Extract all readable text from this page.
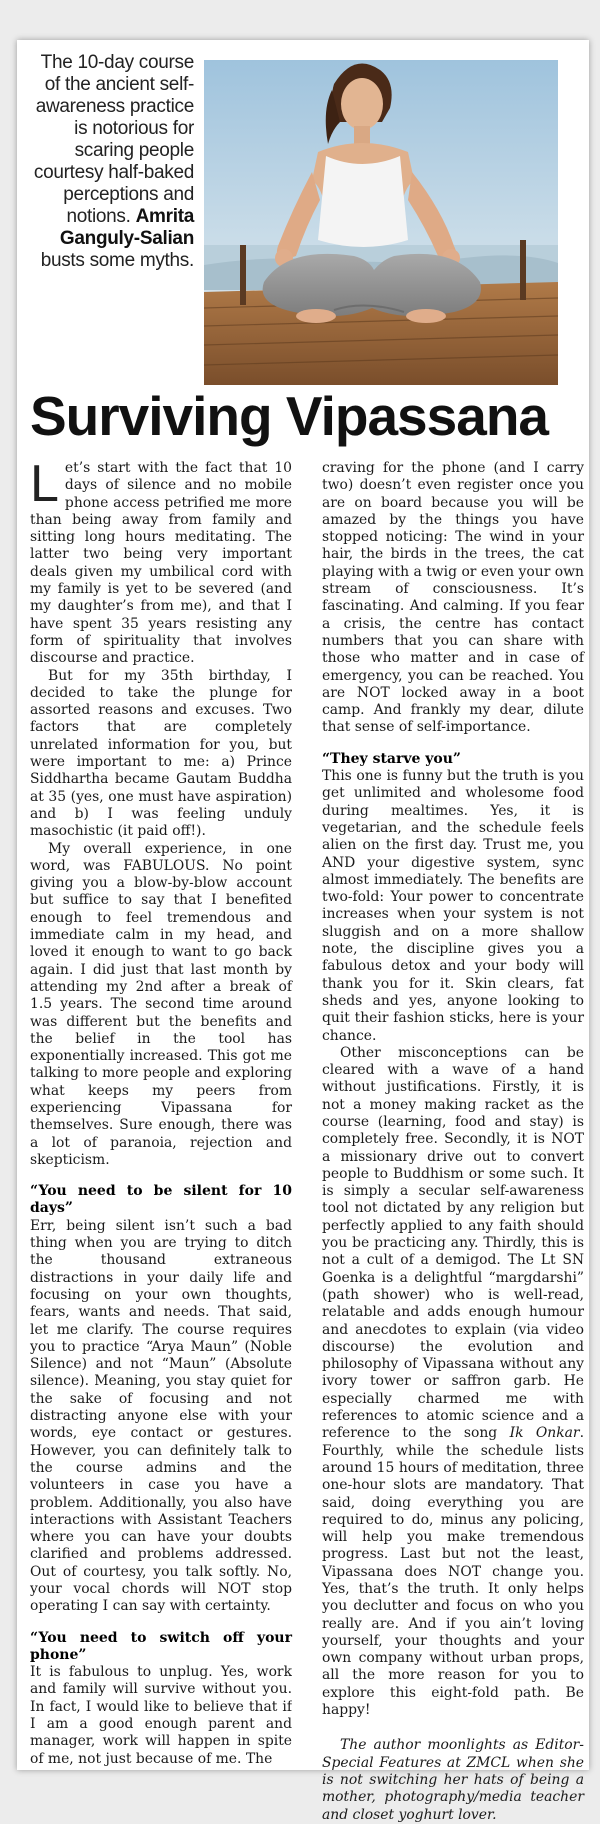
The 10-day course of the ancient self-awareness practice is notorious for scaring people courtesy half-baked perceptions and notions. Amrita Ganguly-Salian busts some myths.
Surviving Vipassana

Let’s start with the fact that 10 days of silence and no mobile phone access petrified me more than being away from family and sitting long hours meditating. The latter two being very important deals given my umbilical cord with my family is yet to be severed (and my daughter’s from me), and that I have spent 35 years resisting any form of spirituality that involves discourse and practice.

But for my 35th birthday, I decided to take the plunge for assorted reasons and excuses. Two factors that are completely unrelated information for you, but were important to me: a) Prince Siddhartha became Gautam Buddha at 35 (yes, one must have aspiration) and b) I was feeling unduly masochistic (it paid off!).

My overall experience, in one word, was FABULOUS. No point giving you a blow-by-blow account but suffice to say that I benefited enough to feel tremendous and immediate calm in my head, and loved it enough to want to go back again. I did just that last month by attending my 2nd after a break of 1.5 years. The second time around was different but the benefits and the belief in the tool has exponentially increased. This got me talking to more people and exploring what keeps my peers from experiencing Vipassana for themselves. Sure enough, there was a lot of paranoia, rejection and skepticism.

“You need to be silent for 10 days”

Err, being silent isn’t such a bad thing when you are trying to ditch the thousand extraneous distractions in your daily life and focusing on your own thoughts, fears, wants and needs. That said, let me clarify. The course requires you to practice “Arya Maun” (Noble Silence) and not “Maun” (Absolute silence). Meaning, you stay quiet for the sake of focusing and not distracting anyone else with your words, eye contact or gestures. However, you can definitely talk to the course admins and the volunteers in case you have a problem. Additionally, you also have interactions with Assistant Teachers where you can have your doubts clarified and problems addressed. Out of courtesy, you talk softly. No, your vocal chords will NOT stop operating I can say with certainty.

“You need to switch off your phone”

It is fabulous to unplug. Yes, work and family will survive without you. In fact, I would like to believe that if I am a good enough parent and manager, work will happen in spite of me, not just because of me. The

craving for the phone (and I carry two) doesn’t even register once you are on board because you will be amazed by the things you have stopped noticing: The wind in your hair, the birds in the trees, the cat playing with a twig or even your own stream of consciousness. It’s fascinating. And calming. If you fear a crisis, the centre has contact numbers that you can share with those who matter and in case of emergency, you can be reached. You are NOT locked away in a boot camp. And frankly my dear, dilute that sense of self-importance.

“They starve you”

This one is funny but the truth is you get unlimited and wholesome food during mealtimes. Yes, it is vegetarian, and the schedule feels alien on the first day. Trust me, you AND your digestive system, sync almost immediately. The benefits are two-fold: Your power to concentrate increases when your system is not sluggish and on a more shallow note, the discipline gives you a fabulous detox and your body will thank you for it. Skin clears, fat sheds and yes, anyone looking to quit their fashion sticks, here is your chance.

Other misconceptions can be cleared with a wave of a hand without justifications. Firstly, it is not a money making racket as the course (learning, food and stay) is completely free. Secondly, it is NOT a missionary drive out to convert people to Buddhism or some such. It is simply a secular self-awareness tool not dictated by any religion but perfectly applied to any faith should you be practicing any. Thirdly, this is not a cult of a demigod. The Lt SN Goenka is a delightful “margdarshi” (path shower) who is well-read, relatable and adds enough humour and anecdotes to explain (via video discourse) the evolution and philosophy of Vipassana without any ivory tower or saffron garb. He especially charmed me with references to atomic science and a reference to the song Ik Onkar. Fourthly, while the schedule lists around 15 hours of meditation, three one-hour slots are mandatory. That said, doing everything you are required to do, minus any policing, will help you make tremendous progress. Last but not the least, Vipassana does NOT change you. Yes, that’s the truth. It only helps you declutter and focus on who you really are. And if you ain’t loving yourself, your thoughts and your own company without urban props, all the more reason for you to explore this eight-fold path. Be happy!

The author moonlights as Editor-Special Features at ZMCL when she is not switching her hats of being a mother, photography/media teacher and closet yoghurt lover.
